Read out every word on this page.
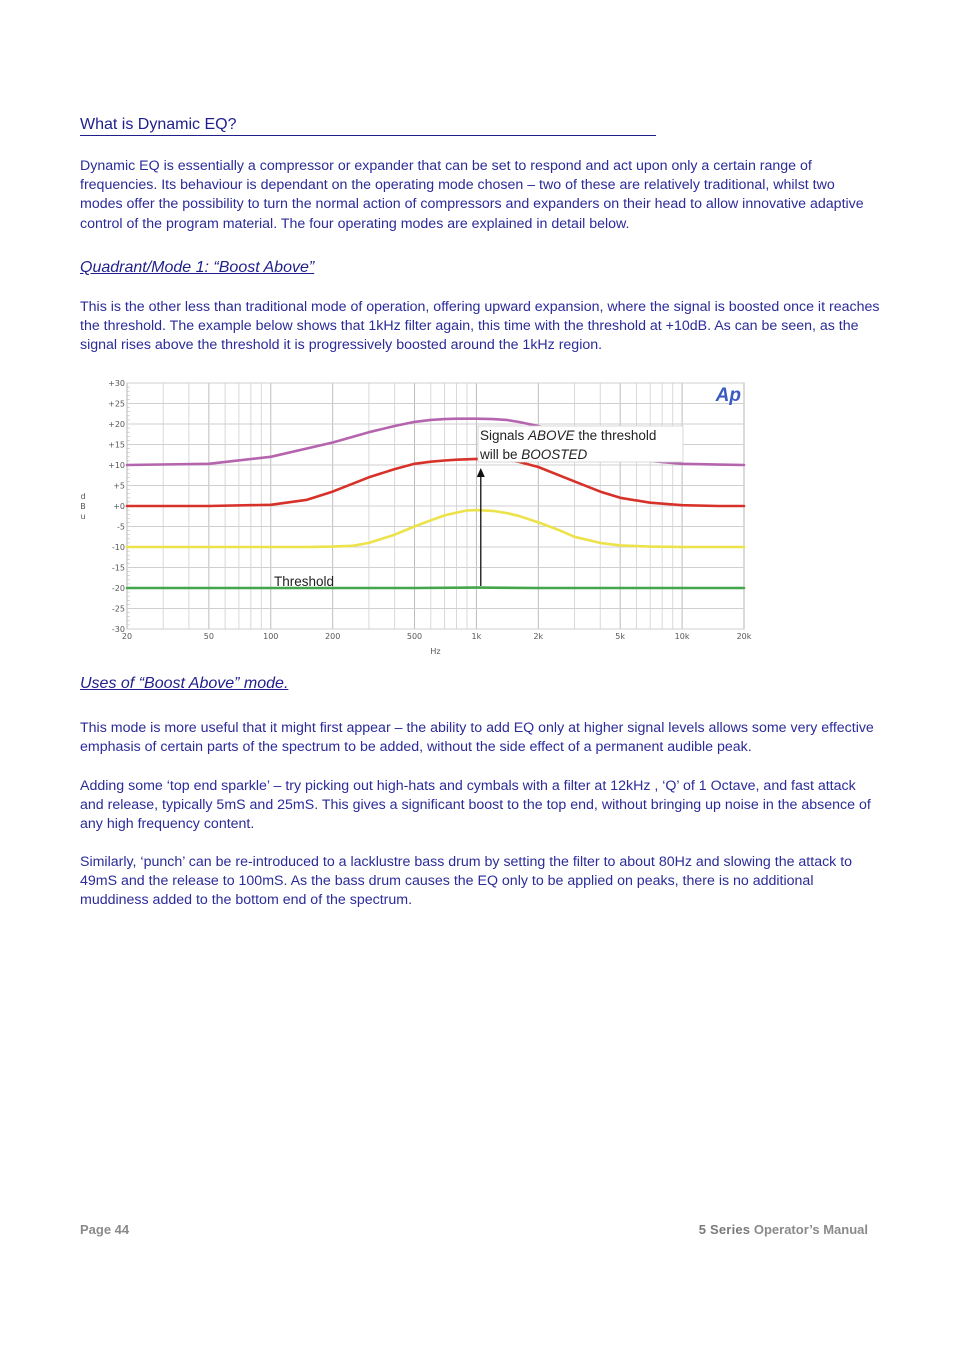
What is Dynamic EQ?

Dynamic EQ is essentially a compressor or expander that can be set to respond and act upon only a certain range of frequencies. Its behaviour is dependant on the operating mode chosen – two of these are relatively traditional, whilst two modes offer the possibility to turn the normal action of compressors and expanders on their head to allow innovative adaptive control of the program material. The four operating modes are explained in detail below.

Quadrant/Mode 1: “Boost Above”

This is the other less than traditional mode of operation, offering upward expansion, where the signal is boosted once it reaches the threshold. The example below shows that 1kHz filter again, this time with the threshold at +10dB. As can be seen, as the signal rises above the threshold it is progressively boosted around the 1kHz region.

+30
+25
+20
+15
+10
+5
+0
-5
-10
-15
-20
-25
-30
20	50	100	200	500	1k	2k	5k	10k	20k
Hz
d
B
u
Signals ABOVE the threshold
will be BOOSTED
Threshold
Ap
Uses of “Boost Above” mode.

This mode is more useful that it might first appear – the ability to add EQ only at higher signal levels allows some very effective emphasis of certain parts of the spectrum to be added, without the side effect of a permanent audible peak.

Adding some ‘top end sparkle’ – try picking out high-hats and cymbals with a filter at 12kHz , ‘Q’ of 1 Octave, and fast attack and release, typically 5mS and 25mS. This gives a significant boost to the top end, without bringing up noise in the absence of any high frequency content.

Similarly, ‘punch’ can be re-introduced to a lacklustre bass drum by setting the filter to about 80Hz and slowing the attack to 49mS and the release to 100mS. As the bass drum causes the EQ only to be applied on peaks, there is no additional muddiness added to the bottom end of the spectrum.

Page 44	5 Series Operator’s Manual
